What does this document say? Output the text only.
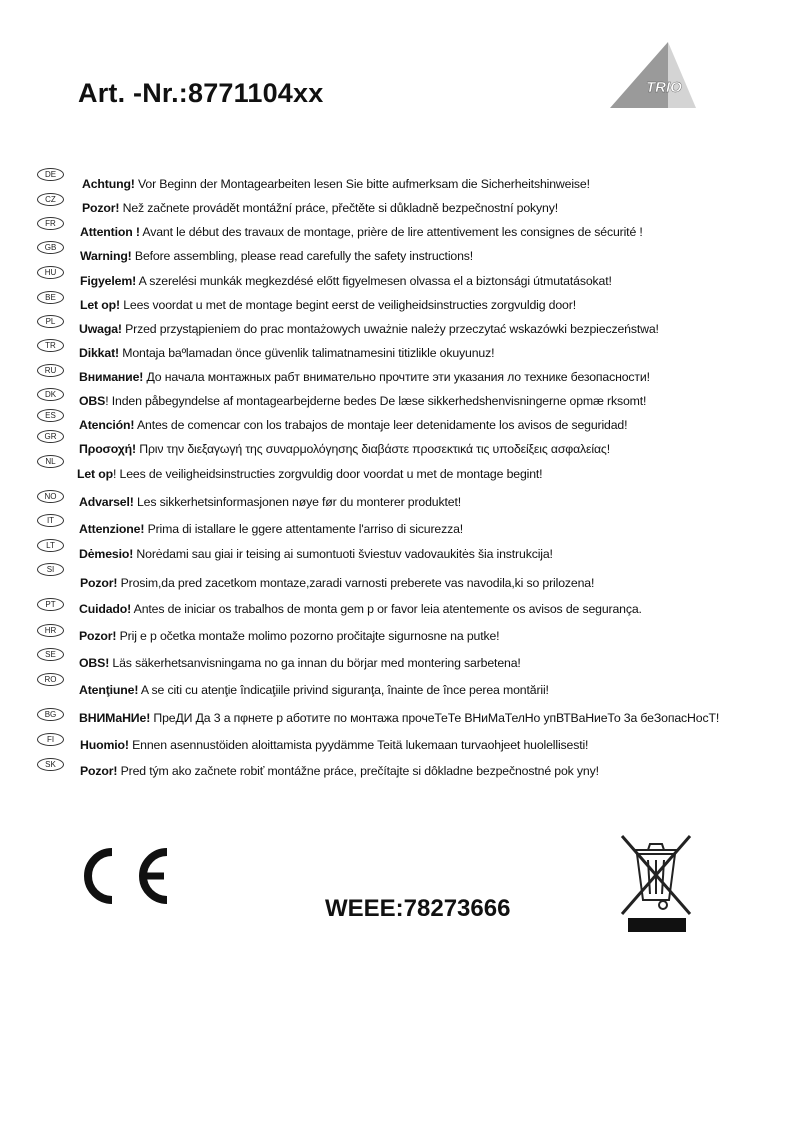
Art. -Nr.:8771104xx	TRIO
DE
CZ
FR
GB
HU
BE
PL
TR
RU
DK
ES
GR
NL
NO
IT
LT
SI
PT
HR
SE
RO
BG
FI
SK
Achtung! Vor Beginn der Montagearbeiten lesen Sie bitte aufmerksam die Sicherheitshinweise!
Pozor! Než začnete provádět montážní práce, přečtěte si důkladně bezpečnostní pokyny!
Attention ! Avant le début des travaux de montage, prière de lire attentivement les consignes de sécurité !
Warning! Before assembling, please read carefully the safety instructions!
Figyelem! A szerelési munkák megkezdésé előtt figyelmesen olvassa el a biztonsági útmutatásokat!
Let op! Lees voordat u met de montage begint eerst de veiligheidsinstructies zorgvuldig door!
Uwaga! Przed przystąpieniem do prac montażowych uważnie należy przeczytać wskazówki bezpieczeństwa!
Dikkat! Montaja baºlamadan önce güvenlik talimatnamesini titizlikle okuyunuz!
Внимание! До начала монтажных рабт внимательно прочтите эти указания ло технике безопасности!
OBS! Inden påbegyndelse af montagearbejderne bedes De læse sikkerhedshenvisningerne opmæ rksomt!
Atención! Antes de comencar con los trabajos de montaje leer detenidamente los avisos de seguridad!
Προσοχή! Πριν την διεξαγωγή της συναρμολόγησης διαβάστε προσεκτικά τις υποδείξεις ασφαλείας!
Let op! Lees de veiligheidsinstructies zorgvuldig door voordat u met de montage begint!
Advarsel! Les sikkerhetsinformasjonen nøye før du monterer produktet!
Attenzione! Prima di istallare le ggere attentamente l'arriso di sicurezza!
Dėmesio! Norėdami sau giai ir teising ai sumontuoti šviestuv vadovaukitės šia instrukcija!
Pozor! Prosim,da pred zacetkom montaze,zaradi varnosti preberete vas navodila,ki so prilozena!
Cuidado! Antes de iniciar os trabalhos de monta gem p or favor leia atentemente os avisos de segurança.
Pozor! Prij e p očetka montaže molimo pozorno pročitajte sigurnosne na putke!
OBS! Läs säkerhetsanvisningama no ga innan du börjar med montering sarbetena!
Atenţiune! A se citi cu atenţie îndicaţiile privind siguranţa, înainte de înce perea montării!
ВНИМаНИе! ПреДИ Да 3 а пφнете р аботите по монтажа прочеТеТе ВНиМаТелНо упВТВаНиеТо 3а беЗопасНосТ!
Huomio! Ennen asennustöiden aloittamista pyydämme Teitä lukemaan turvaohjeet huolellisesti!
Pozor! Pred tým ako začnete robiť montážne práce, prečítajte si dôkladne bezpečnostné pok yny!
WEEE:78273666
